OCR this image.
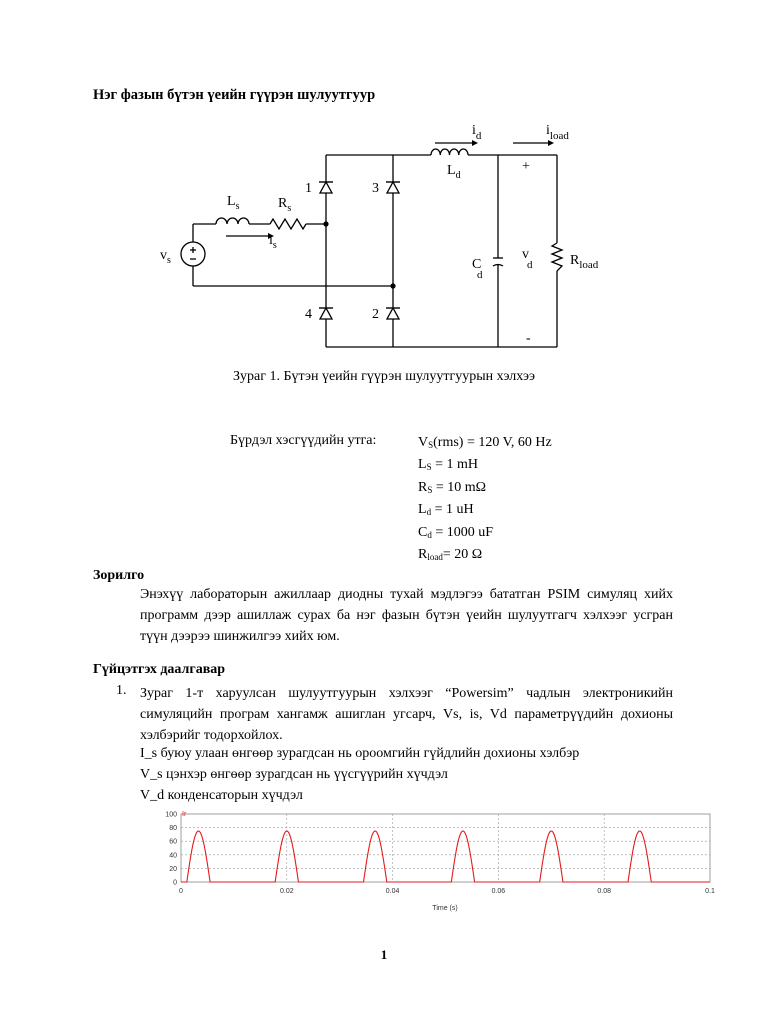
Нэг фазын бүтэн үеийн гүүрэн шулуутгуур
1	3
4	2
$v_s$
$L_s$	$R_s$
$i_s$
$i_d$	$i_{load}$
$L_d$
C
d
v
d	$R_{load}$
+
-
Зураг 1. Бүтэн үеийн гүүрэн шулуутгуурын хэлхээ
Бүрдэл хэсгүүдийн утга:	$V_S(rms) = 120$ V, 60 Hz
$L_S = 1$ mH
$R_S = 10$ mΩ
$L_d = 1$ uH
$C_d = 1000$ uF
$R_{load}= 20$ Ω
Зорилго
Энэхүү лабораторын ажиллаар диодны тухай мэдлэгээ бататган PSIM симуляц хийх программ дээр ашиллаж сурах ба нэг фазын бүтэн үеийн шулуутгагч хэлхээг усгран түүн дээрээ шинжилгээ хийх юм.
Гүйцэтгэх даалгавар
1. Зураг 1-т харуулсан шулуутгуурын хэлхээг “Powersim” чадлын электроникийн симуляцийн програм хангамж ашиглан угсарч, Vs, is, Vd параметрүүдийн дохионы хэлбэрийг тодорхойлох.
I_s буюу улаан өнгөөр зурагдсан нь ороомгийн гүйдлийн дохионы хэлбэр
V_s цэнхэр өнгөөр зурагдсан нь үүсгүүрийн хүчдэл
V_d конденсаторын хүчдэл
0
20
40
60
80
100
0	0.02	0.04	0.06	0.08	0.1
Ir
Time (s)
1
